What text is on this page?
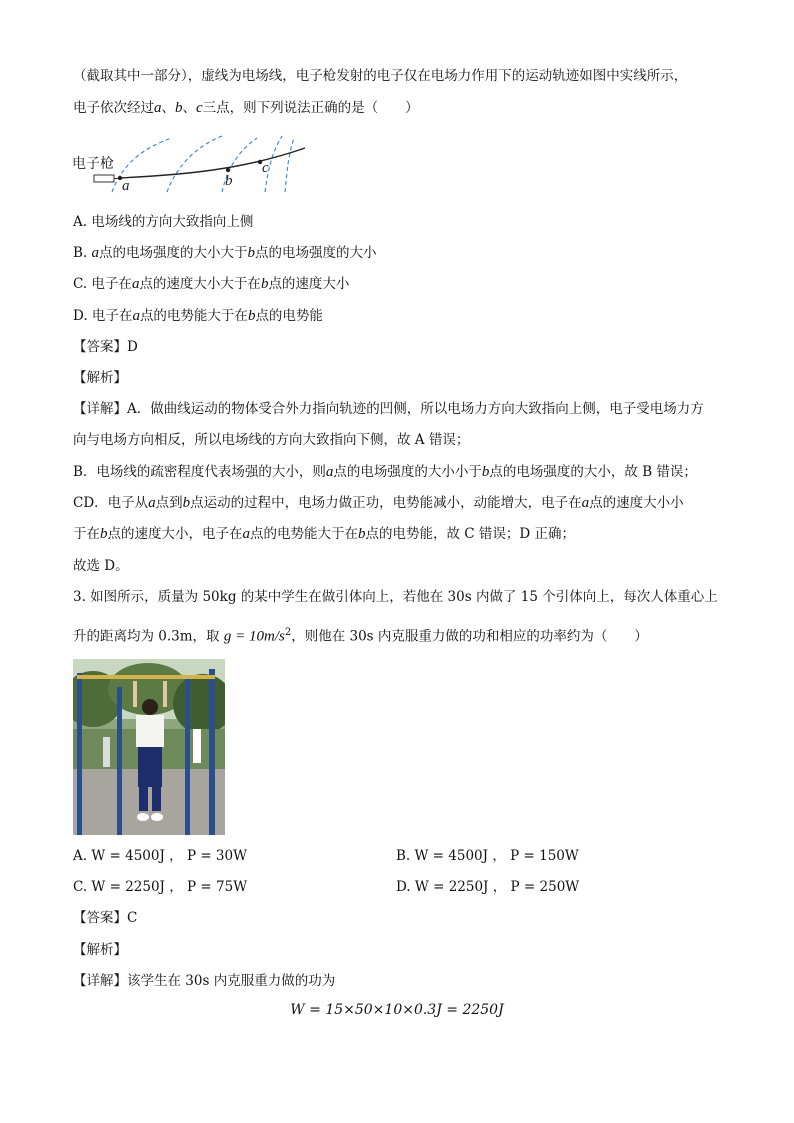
（截取其中一部分），虚线为电场线，电子枪发射的电子仅在电场力作用下的运动轨迹如图中实线所示，
电子依次经过a、b、c三点，则下列说法正确的是（　　）
电子枪
a	b
c
A. 电场线的方向大致指向上侧
B. a点的电场强度的大小大于b点的电场强度的大小
C. 电子在a点的速度大小大于在b点的速度大小
D. 电子在a点的电势能大于在b点的电势能
【答案】D
【解析】
【详解】A．做曲线运动的物体受合外力指向轨迹的凹侧，所以电场力方向大致指向上侧，电子受电场力方
向与电场方向相反，所以电场线的方向大致指向下侧，故 A 错误；
B．电场线的疏密程度代表场强的大小，则a点的电场强度的大小小于b点的电场强度的大小，故 B 错误；
CD．电子从a点到b点运动的过程中，电场力做正功，电势能减小，动能增大，电子在a点的速度大小小
于在b点的速度大小，电子在a点的电势能大于在b点的电势能，故 C 错误；D 正确；
故选 D。
3. 如图所示，质量为 50kg 的某中学生在做引体向上，若他在 30s 内做了 15 个引体向上，每次人体重心上
升的距离均为 0.3m，取 $g = 10m/s^2$，则他在 30s 内克服重力做的功和相应的功率约为（　　）
A. W = 4500J ， P = 30W	B. W = 4500J ， P = 150W
C. W = 2250J ， P = 75W	D. W = 2250J ， P = 250W
【答案】C
【解析】
【详解】该学生在 30s 内克服重力做的功为
W = 15×50×10×0.3J = 2250J
